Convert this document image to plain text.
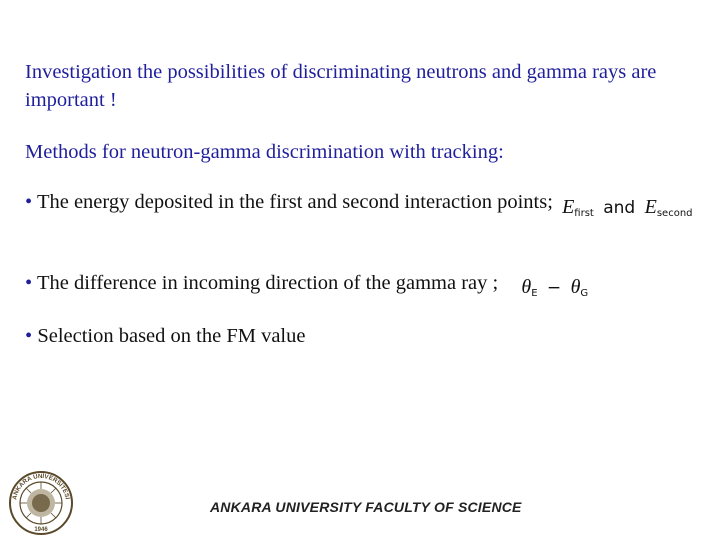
Investigation the possibilities of discriminating neutrons and gamma rays are important !
Methods for neutron-gamma discrimination with tracking:
• The energy deposited in the first and second interaction points; $E_{first}$ and $E_{second}$
• The difference in incoming direction of the gamma ray ; $\theta_E - \theta_G$
• Selection based on the FM value
ANKARA ÜNİVERSİTESİ
1946
ANKARA UNIVERSITY FACULTY OF SCIENCE
